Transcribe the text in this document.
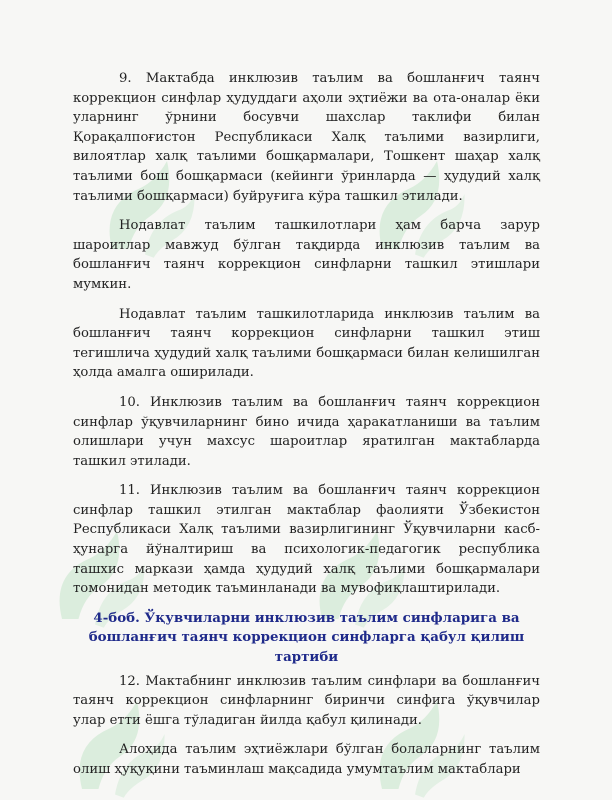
9. Мактабда инклюзив таълим ва бошланғич таянч коррекцион синфлар ҳудуддаги аҳоли эҳтиёжи ва ота-оналар ёки уларнинг ўрнини босувчи шахслар таклифи билан Қорақалпоғистон Республикаси Халқ таълими вазирлиги, вилоятлар халқ таълими бошқармалари, Тошкент шаҳар халқ таълими бош бошқармаси (кейинги ўринларда — ҳудудий халқ таълими бошқармаси) буйруғига кўра ташкил этилади.

Нодавлат таълим ташкилотлари ҳам барча зарур шароитлар мавжуд бўлган тақдирда инклюзив таълим ва бошланғич таянч коррекцион синфларни ташкил этишлари мумкин.

Нодавлат таълим ташкилотларида инклюзив таълим ва бошланғич таянч коррекцион синфларни ташкил этиш тегишлича ҳудудий халқ таълими бошқармаси билан келишилган ҳолда амалга оширилади.

10. Инклюзив таълим ва бошланғич таянч коррекцион синфлар ўқувчиларнинг бино ичида ҳаракатланиши ва таълим олишлари учун махсус шароитлар яратилган мактабларда ташкил этилади.

11. Инклюзив таълим ва бошланғич таянч коррекцион синфлар ташкил этилган мактаблар фаолияти Ўзбекистон Республикаси Халқ таълими вазирлигининг Ўқувчиларни касб-ҳунарга йўналтириш ва психологик-педагогик республика ташхис маркази ҳамда ҳудудий халқ таълими бошқармалари томонидан методик таъминланади ва мувофиқлаштирилади.

4-боб. Ўқувчиларни инклюзив таълим синфларига ва
бошланғич таянч коррекцион синфларга қабул қилиш тартиби

12. Мактабнинг инклюзив таълим синфлари ва бошланғич таянч коррекцион синфларнинг биринчи синфига ўқувчилар улар етти ёшга тўладиган йилда қабул қилинади.

Алоҳида таълим эҳтиёжлари бўлган болаларнинг таълим олиш ҳуқуқини таъминлаш мақсадида умумтаълим мактаблари
